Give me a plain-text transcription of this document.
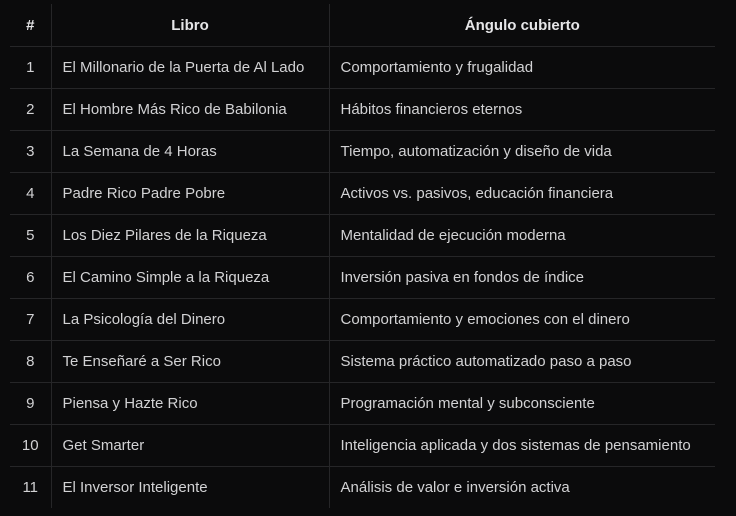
#	Libro	Ángulo cubierto
1	El Millonario de la Puerta de Al Lado	Comportamiento y frugalidad
2	El Hombre Más Rico de Babilonia	Hábitos financieros eternos
3	La Semana de 4 Horas	Tiempo, automatización y diseño de vida
4	Padre Rico Padre Pobre	Activos vs. pasivos, educación financiera
5	Los Diez Pilares de la Riqueza	Mentalidad de ejecución moderna
6	El Camino Simple a la Riqueza	Inversión pasiva en fondos de índice
7	La Psicología del Dinero	Comportamiento y emociones con el dinero
8	Te Enseñaré a Ser Rico	Sistema práctico automatizado paso a paso
9	Piensa y Hazte Rico	Programación mental y subconsciente
10	Get Smarter	Inteligencia aplicada y dos sistemas de pensamiento
11	El Inversor Inteligente	Análisis de valor e inversión activa
